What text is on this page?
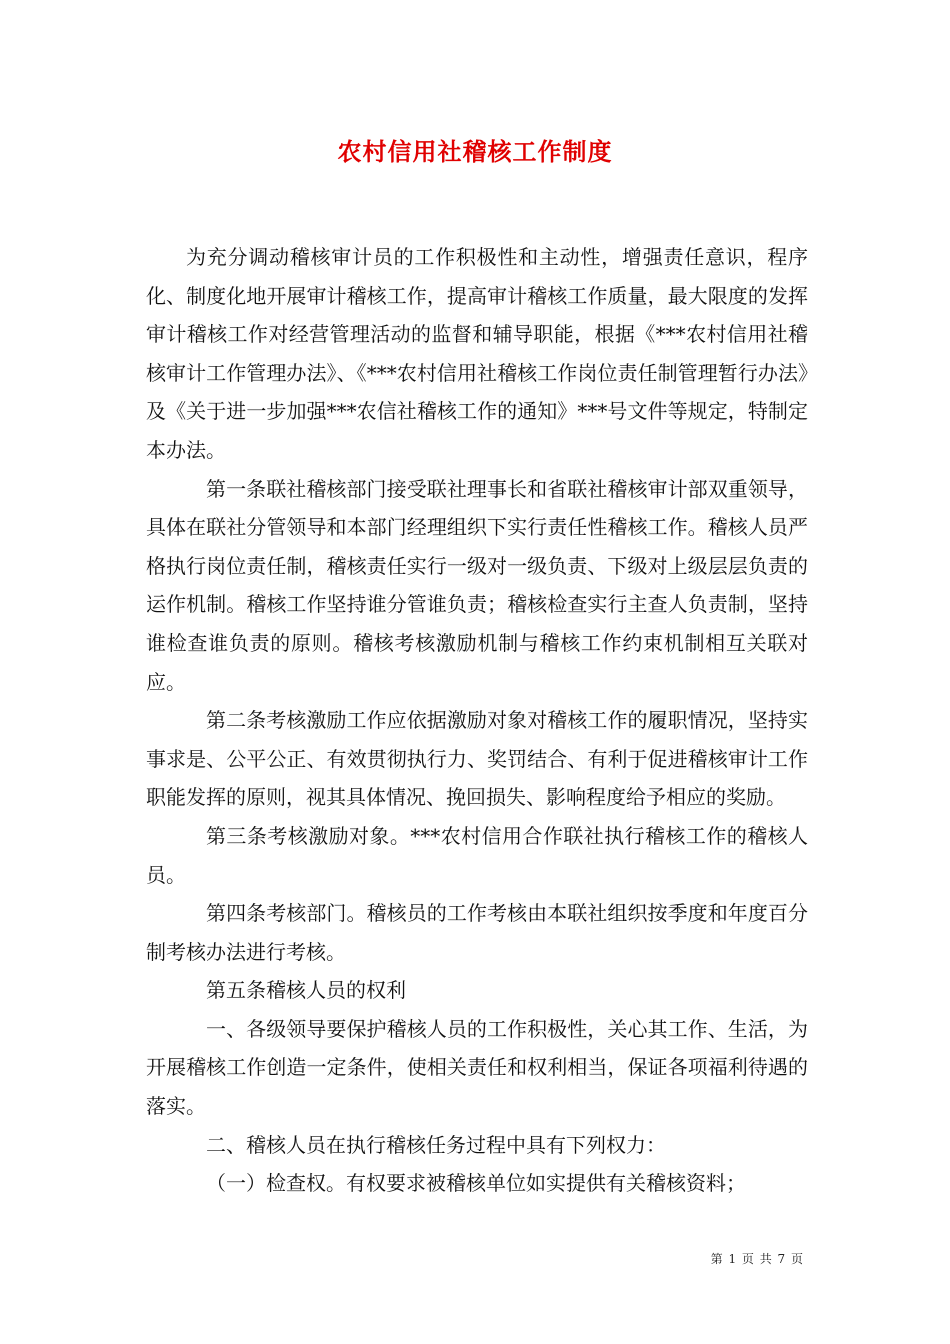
农村信用社稽核工作制度

为充分调动稽核审计员的工作积极性和主动性，增强责任意识，程序化、制度化地开展审计稽核工作，提高审计稽核工作质量，最大限度的发挥审计稽核工作对经营管理活动的监督和辅导职能，根据《***农村信用社稽核审计工作管理办法》、《***农村信用社稽核工作岗位责任制管理暂行办法》及《关于进一步加强***农信社稽核工作的通知》***号文件等规定，特制定本办法。

第一条联社稽核部门接受联社理事长和省联社稽核审计部双重领导，具体在联社分管领导和本部门经理组织下实行责任性稽核工作。稽核人员严格执行岗位责任制，稽核责任实行一级对一级负责、下级对上级层层负责的运作机制。稽核工作坚持谁分管谁负责；稽核检查实行主查人负责制，坚持谁检查谁负责的原则。稽核考核激励机制与稽核工作约束机制相互关联对应。

第二条考核激励工作应依据激励对象对稽核工作的履职情况，坚持实事求是、公平公正、有效贯彻执行力、奖罚结合、有利于促进稽核审计工作职能发挥的原则，视其具体情况、挽回损失、影响程度给予相应的奖励。

第三条考核激励对象。***农村信用合作联社执行稽核工作的稽核人员。

第四条考核部门。稽核员的工作考核由本联社组织按季度和年度百分制考核办法进行考核。

第五条稽核人员的权利

一、各级领导要保护稽核人员的工作积极性，关心其工作、生活，为开展稽核工作创造一定条件，使相关责任和权利相当，保证各项福利待遇的落实。

二、稽核人员在执行稽核任务过程中具有下列权力：

（一）检查权。有权要求被稽核单位如实提供有关稽核资料；

第 1 页 共 7 页
